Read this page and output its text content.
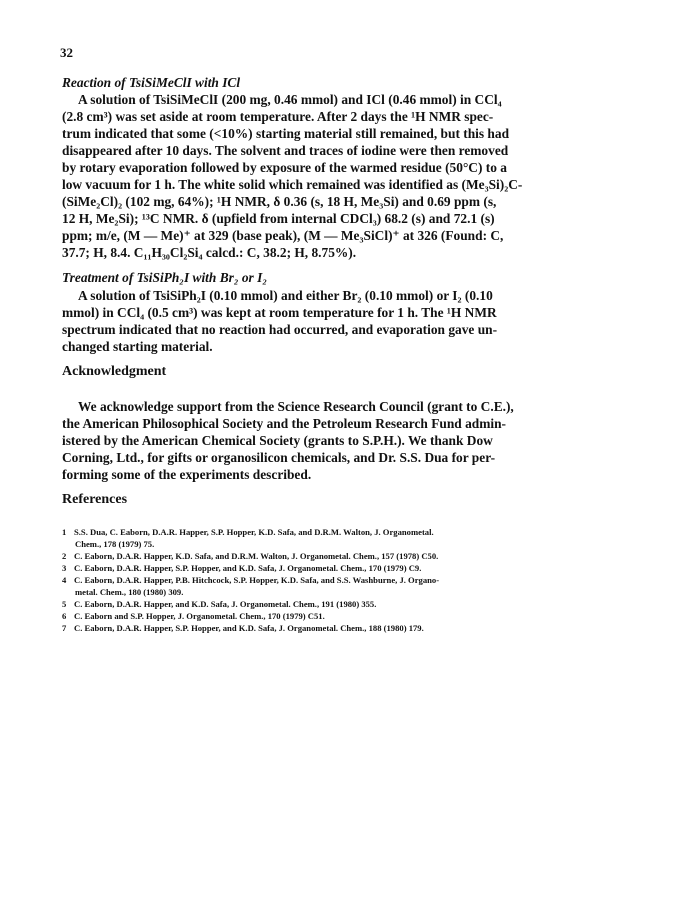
32
Reaction of TsiSiMeClI with ICl
A solution of TsiSiMeClI (200 mg, 0.46 mmol) and ICl (0.46 mmol) in CCl₄
(2.8 cm³) was set aside at room temperature. After 2 days the ¹H NMR spec-
trum indicated that some (<10%) starting material still remained, but this had
disappeared after 10 days. The solvent and traces of iodine were then removed
by rotary evaporation followed by exposure of the warmed residue (50°C) to a
low vacuum for 1 h. The white solid which remained was identified as (Me₃Si)₂C-
(SiMe₂Cl)₂ (102 mg, 64%); ¹H NMR, δ 0.36 (s, 18 H, Me₃Si) and 0.69 ppm (s,
12 H, Me₂Si); ¹³C NMR. δ (upfield from internal CDCl₃) 68.2 (s) and 72.1 (s)
ppm; m/e, (M — Me)⁺ at 329 (base peak), (M — Me₃SiCl)⁺ at 326 (Found: C,
37.7; H, 8.4. C₁₁H₃₀Cl₂Si₄ calcd.: C, 38.2; H, 8.75%).
Treatment of TsiSiPh₂I with Br₂ or I₂
A solution of TsiSiPh₂I (0.10 mmol) and either Br₂ (0.10 mmol) or I₂ (0.10
mmol) in CCl₄ (0.5 cm³) was kept at room temperature for 1 h. The ¹H NMR
spectrum indicated that no reaction had occurred, and evaporation gave un-
changed starting material.
Acknowledgment
We acknowledge support from the Science Research Council (grant to C.E.),
the American Philosophical Society and the Petroleum Research Fund admin-
istered by the American Chemical Society (grants to S.P.H.). We thank Dow
Corning, Ltd., for gifts or organosilicon chemicals, and Dr. S.S. Dua for per-
forming some of the experiments described.
References
1 S.S. Dua, C. Eaborn, D.A.R. Happer, S.P. Hopper, K.D. Safa, and D.R.M. Walton, J. Organometal.
Chem., 178 (1979) 75.
2 C. Eaborn, D.A.R. Happer, K.D. Safa, and D.R.M. Walton, J. Organometal. Chem., 157 (1978) C50.
3 C. Eaborn, D.A.R. Happer, S.P. Hopper, and K.D. Safa, J. Organometal. Chem., 170 (1979) C9.
4 C. Eaborn, D.A.R. Happer, P.B. Hitchcock, S.P. Hopper, K.D. Safa, and S.S. Washburne, J. Organo-
metal. Chem., 180 (1980) 309.
5 C. Eaborn, D.A.R. Happer, and K.D. Safa, J. Organometal. Chem., 191 (1980) 355.
6 C. Eaborn and S.P. Hopper, J. Organometal. Chem., 170 (1979) C51.
7 C. Eaborn, D.A.R. Happer, S.P. Hopper, and K.D. Safa, J. Organometal. Chem., 188 (1980) 179.
